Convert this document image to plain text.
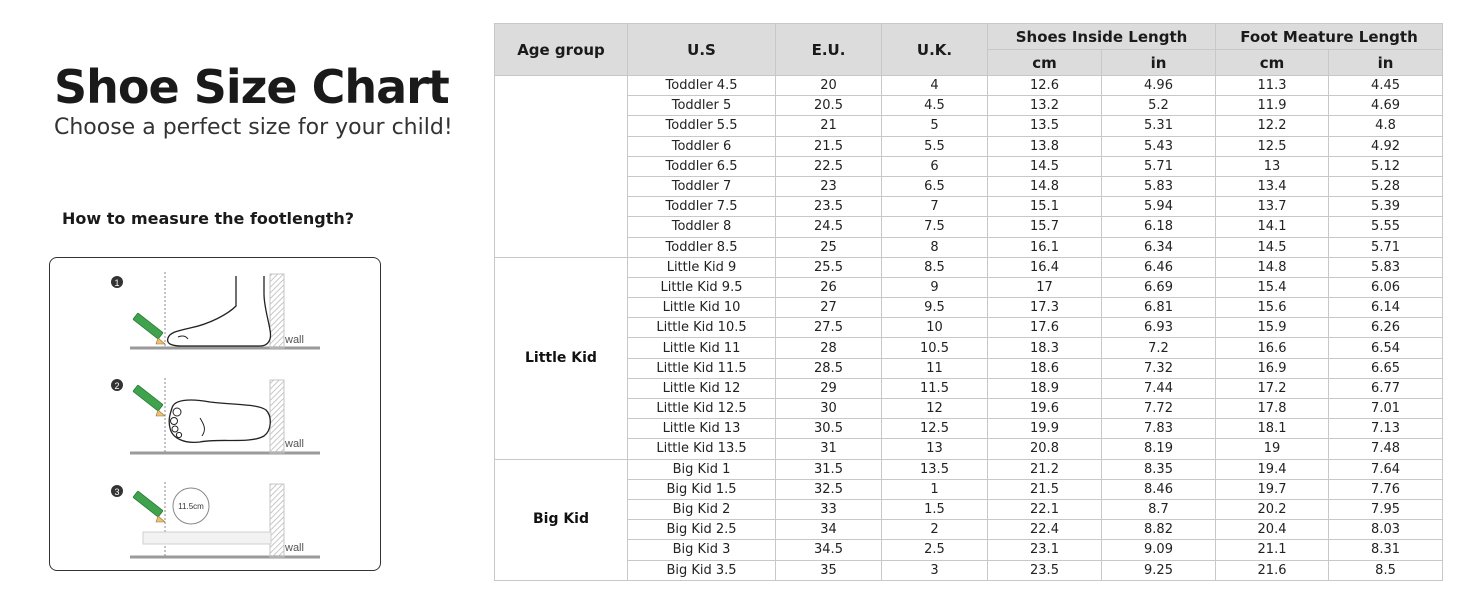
Shoe Size Chart
Choose a perfect size for your child!
How to measure the footlength?
1
wall
2
wall
3
wall
11.5cm
Age group	U.S	E.U.	U.K.	Shoes Inside Length		Foot Meature Length	
				cm	in	cm	in
	Toddler 4.5	20	4	12.6	4.96	11.3	4.45
	Toddler 5	20.5	4.5	13.2	5.2	11.9	4.69
	Toddler 5.5	21	5	13.5	5.31	12.2	4.8
	Toddler 6	21.5	5.5	13.8	5.43	12.5	4.92
	Toddler 6.5	22.5	6	14.5	5.71	13	5.12
	Toddler 7	23	6.5	14.8	5.83	13.4	5.28
	Toddler 7.5	23.5	7	15.1	5.94	13.7	5.39
	Toddler 8	24.5	7.5	15.7	6.18	14.1	5.55
	Toddler 8.5	25	8	16.1	6.34	14.5	5.71
Little Kid	Little Kid 9	25.5	8.5	16.4	6.46	14.8	5.83
	Little Kid 9.5	26	9	17	6.69	15.4	6.06
	Little Kid 10	27	9.5	17.3	6.81	15.6	6.14
	Little Kid 10.5	27.5	10	17.6	6.93	15.9	6.26
	Little Kid 11	28	10.5	18.3	7.2	16.6	6.54
	Little Kid 11.5	28.5	11	18.6	7.32	16.9	6.65
	Little Kid 12	29	11.5	18.9	7.44	17.2	6.77
	Little Kid 12.5	30	12	19.6	7.72	17.8	7.01
	Little Kid 13	30.5	12.5	19.9	7.83	18.1	7.13
	Little Kid 13.5	31	13	20.8	8.19	19	7.48
Big Kid	Big Kid 1	31.5	13.5	21.2	8.35	19.4	7.64
	Big Kid 1.5	32.5	1	21.5	8.46	19.7	7.76
	Big Kid 2	33	1.5	22.1	8.7	20.2	7.95
	Big Kid 2.5	34	2	22.4	8.82	20.4	8.03
	Big Kid 3	34.5	2.5	23.1	9.09	21.1	8.31
	Big Kid 3.5	35	3	23.5	9.25	21.6	8.5
